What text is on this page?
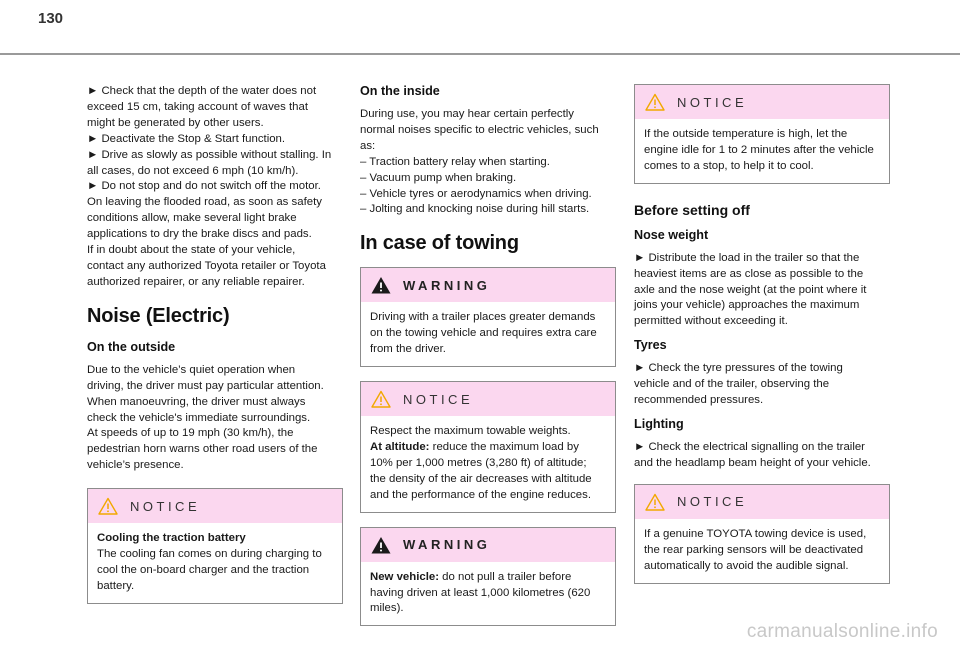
130
► Check that the depth of the water does not
exceed 15 cm, taking account of waves that
might be generated by other users.
► Deactivate the Stop & Start function.
► Drive as slowly as possible without stalling. In
all cases, do not exceed 6 mph (10 km/h).
► Do not stop and do not switch off the motor.
On leaving the flooded road, as soon as safety
conditions allow, make several light brake
applications to dry the brake discs and pads.
If in doubt about the state of your vehicle,
contact any authorized Toyota retailer or Toyota
authorized repairer, or any reliable repairer.
Noise (Electric)
On the outside
Due to the vehicle’s quiet operation when
driving, the driver must pay particular attention.
When manoeuvring, the driver must always
check the vehicle's immediate surroundings.
At speeds of up to 19 mph (30 km/h), the
pedestrian horn warns other road users of the
vehicle’s presence.
NOTICE
Cooling the traction battery
The cooling fan comes on during charging to
cool the on-board charger and the traction
battery.
On the inside
During use, you may hear certain perfectly
normal noises specific to electric vehicles, such
as:
– Traction battery relay when starting.
– Vacuum pump when braking.
– Vehicle tyres or aerodynamics when driving.
– Jolting and knocking noise during hill starts.
In case of towing
WARNING
Driving with a trailer places greater demands
on the towing vehicle and requires extra care
from the driver.
NOTICE
Respect the maximum towable weights.
At altitude: reduce the maximum load by
10% per 1,000 metres (3,280 ft) of altitude;
the density of the air decreases with altitude
and the performance of the engine reduces.
WARNING
New vehicle: do not pull a trailer before
having driven at least 1,000 kilometres (620
miles).
NOTICE
If the outside temperature is high, let the
engine idle for 1 to 2 minutes after the vehicle
comes to a stop, to help it to cool.
Before setting off
Nose weight
► Distribute the load in the trailer so that the
heaviest items are as close as possible to the
axle and the nose weight (at the point where it
joins your vehicle) approaches the maximum
permitted without exceeding it.
Tyres
► Check the tyre pressures of the towing
vehicle and of the trailer, observing the
recommended pressures.
Lighting
► Check the electrical signalling on the trailer
and the headlamp beam height of your vehicle.
NOTICE
If a genuine TOYOTA towing device is used,
the rear parking sensors will be deactivated
automatically to avoid the audible signal.
carmanualsonline.info
